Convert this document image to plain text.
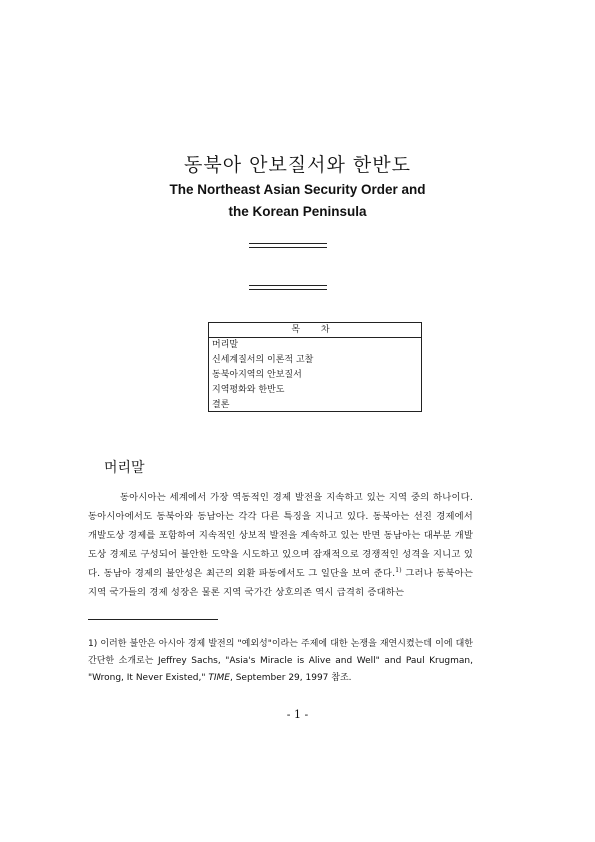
동북아 안보질서와 한반도
The Northeast Asian Security Order and
the Korean Peninsula
목 차
머리말
신세계질서의 이론적 고찰
동북아지역의 안보질서
지역평화와 한반도
결론
머리말
동아시아는 세계에서 가장 역동적인 경제 발전을 지속하고 있는 지역 중의 하나이다. 동아시아에서도 동북아와 동남아는 각각 다른 특징을 지니고 있다. 동북아는 선진 경제에서 개발도상 경제를 포함하여 지속적인 상보적 발전을 계속하고 있는 반면 동남아는 대부분 개발도상 경제로 구성되어 불안한 도약을 시도하고 있으며 잠재적으로 경쟁적인 성격을 지니고 있다. 동남아 경제의 불안성은 최근의 외환 파동에서도 그 일단을 보여 준다.$^{1)}$ 그러나 동북아는 지역 국가들의 경제 성장은 물론 지역 국가간 상호의존 역시 급격히 증대하는
1) 이러한 불안은 아시아 경제 발전의 "예외성"이라는 주제에 대한 논쟁을 재연시켰는데 이에 대한 간단한 소개로는 Jeffrey Sachs, "Asia's Miracle is Alive and Well" and Paul Krugman, "Wrong, It Never Existed," TIME, September 29, 1997 참조.
- 1 -
